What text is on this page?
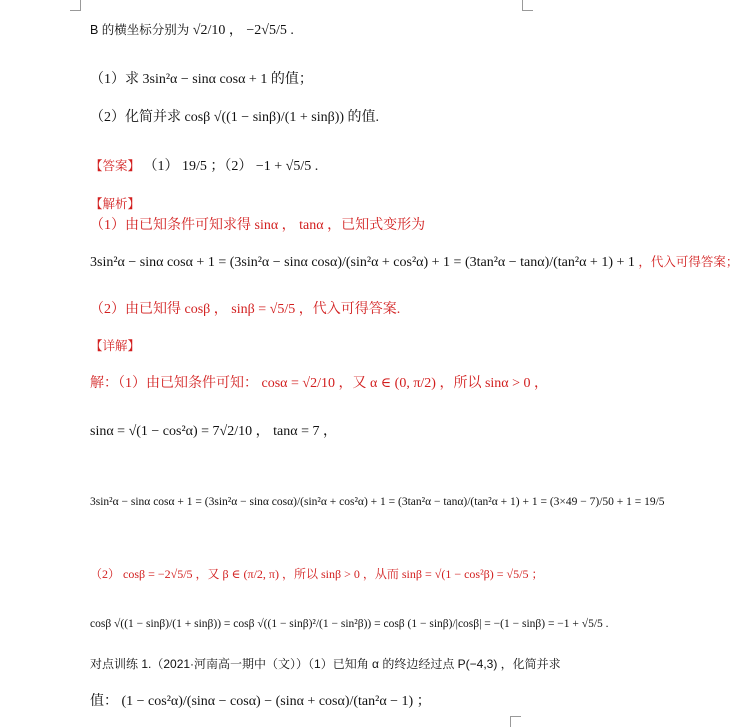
B 的横坐标分别为 √2/10 ， −2√5/5 .
（1）求 3sin²α − sinα cosα + 1 的值；
（2）化简并求 cosβ √((1 − sinβ)/(1 + sinβ)) 的值.
【答案】 （1） 19/5 ；（2） −1 + √5/5 .
【解析】
（1）由已知条件可知求得 sinα ， tanα ，已知式变形为
3sin²α − sinα cosα + 1 = (3sin²α − sinα cosα)/(sin²α + cos²α) + 1 = (3tan²α − tanα)/(tan²α + 1) + 1 ，代入可得答案；
（2）由已知得 cosβ ， sinβ = √5/5 ，代入可得答案.
【详解】
解：（1）由已知条件可知： cosα = √2/10 ，又 α ∈ (0, π/2) ，所以 sinα > 0 ，
sinα = √(1 − cos²α) = 7√2/10 ， tanα = 7 ，
3sin²α − sinα cosα + 1 = (3sin²α − sinα cosα)/(sin²α + cos²α) + 1 = (3tan²α − tanα)/(tan²α + 1) + 1 = (3×49 − 7)/50 + 1 = 19/5
（2） cosβ = −2√5/5 ，又 β ∈ (π/2, π) ，所以 sinβ > 0 ，从而 sinβ = √(1 − cos²β) = √5/5 ；
cosβ √((1 − sinβ)/(1 + sinβ)) = cosβ √((1 − sinβ)²/(1 − sin²β)) = cosβ (1 − sinβ)/|cosβ| = −(1 − sinβ) = −1 + √5/5 .
对点训练 1.（2021·河南高一期中（文））（1）已知角 α 的终边经过点 P(−4,3) ，化简并求
值： (1 − cos²α)/(sinα − cosα) − (sinα + cosα)/(tan²α − 1) ；
